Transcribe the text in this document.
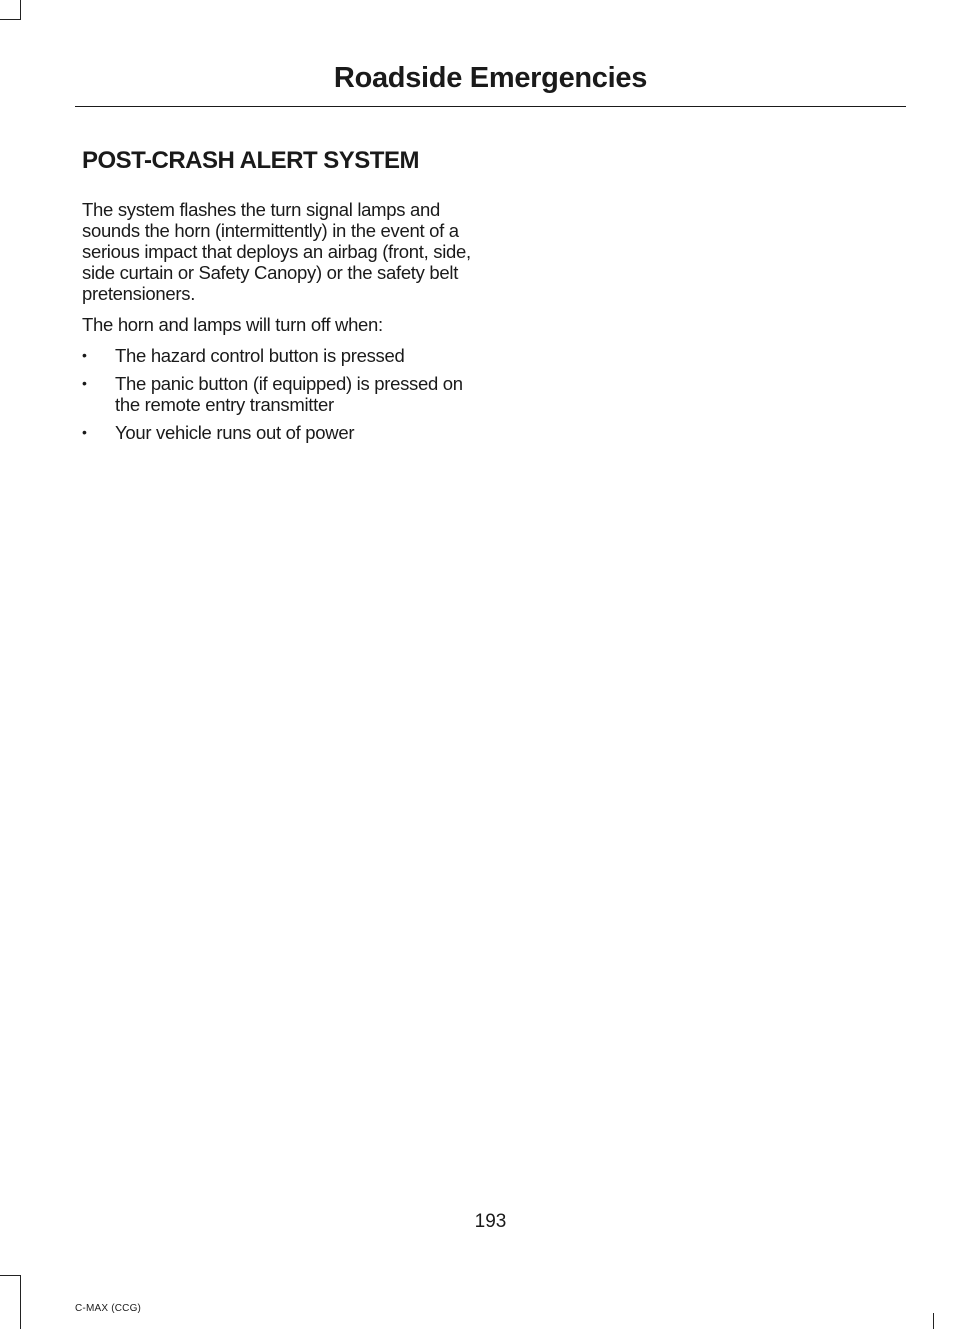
Roadside Emergencies
POST-CRASH ALERT SYSTEM

The system flashes the turn signal lamps and sounds the horn (intermittently) in the event of a serious impact that deploys an airbag (front, side, side curtain or Safety Canopy) or the safety belt pretensioners.

The horn and lamps will turn off when:

• The hazard control button is pressed
• The panic button (if equipped) is pressed on the remote entry transmitter
• Your vehicle runs out of power
193
C-MAX (CCG)
